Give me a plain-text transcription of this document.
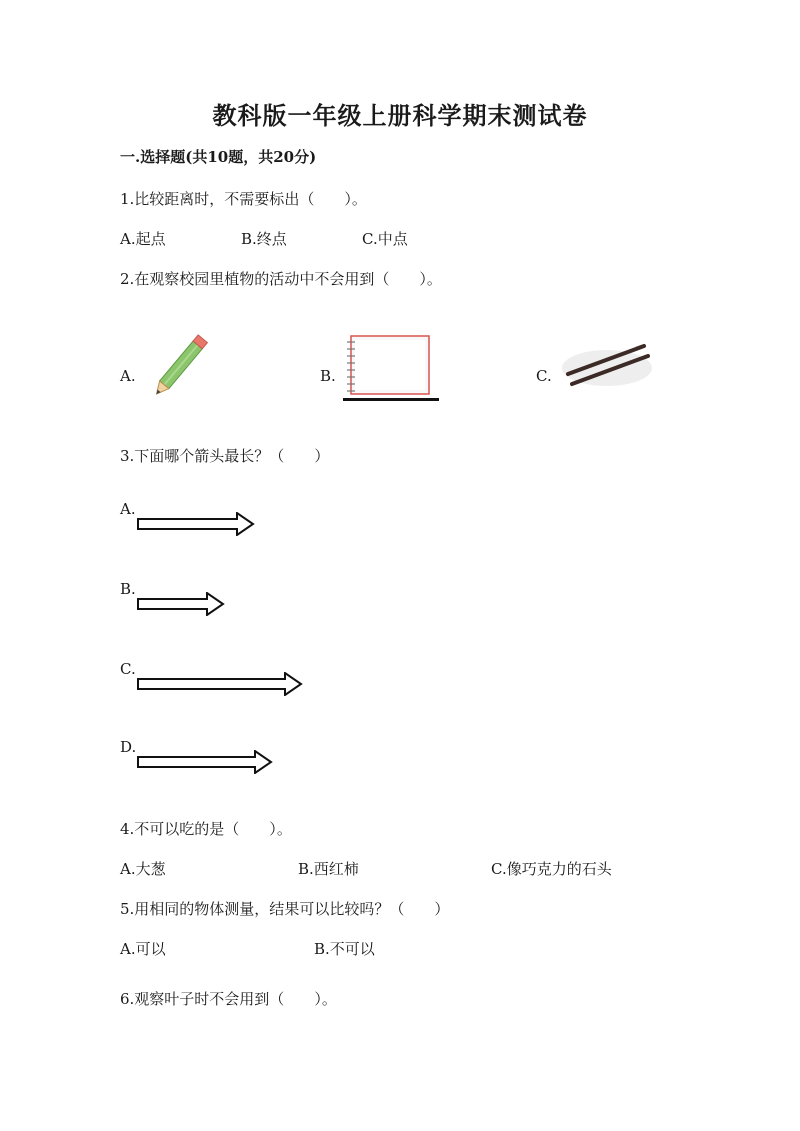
教科版一年级上册科学期末测试卷
一.选择题(共10题，共20分)
1.比较距离时，不需要标出（　　）。
A.起点	B.终点	C.中点
2.在观察校园里植物的活动中不会用到（　　）。
A.	B.	C.
3.下面哪个箭头最长？（　　）
A.
B.
C.
D.
4.不可以吃的是（　　）。
A.大葱	B.西红柿	C.像巧克力的石头
5.用相同的物体测量，结果可以比较吗？（　　）
A.可以	B.不可以
6.观察叶子时不会用到（　　）。
